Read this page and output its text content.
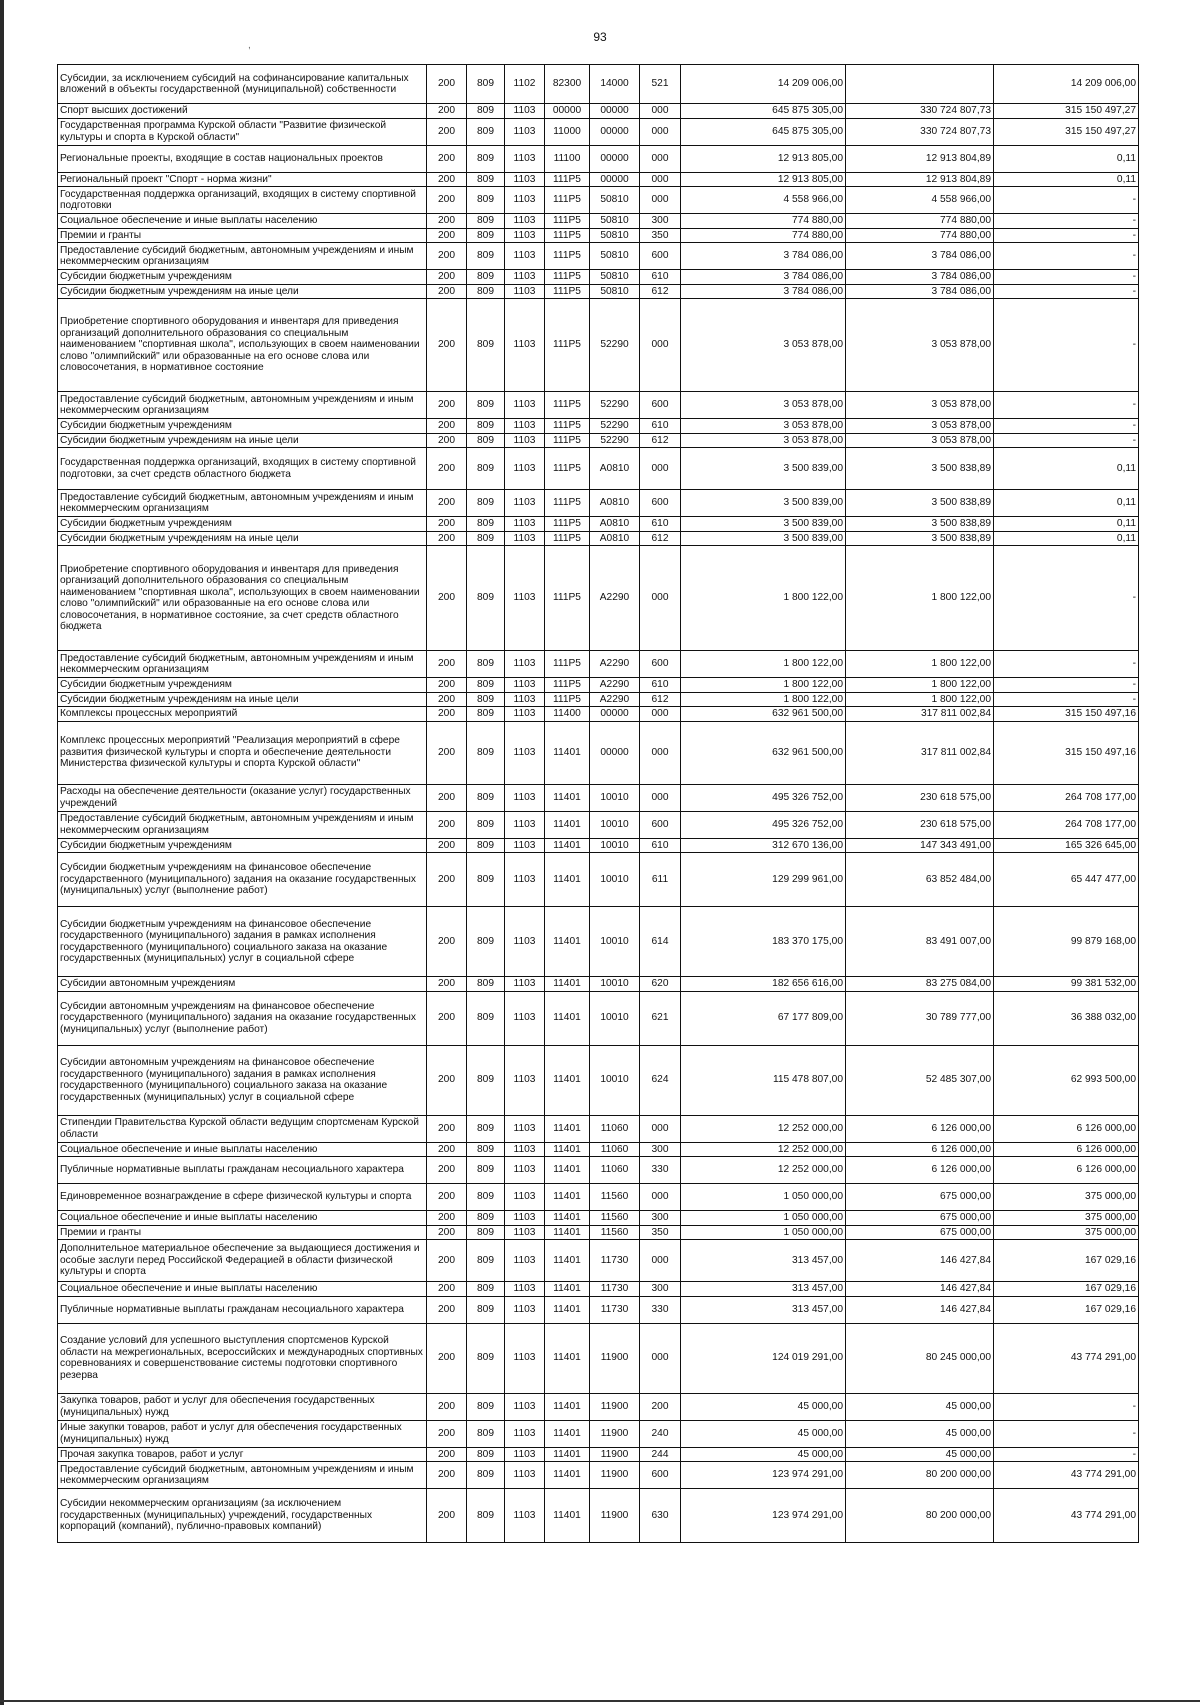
93
,
Субсидии, за исключением субсидий на софинансирование капитальных вложений в объекты государственной (муниципальной) собственности	200	809	1102	82300	14000	521	14 209 006,00		14 209 006,00
Спорт высших достижений	200	809	1103	00000	00000	000	645 875 305,00	330 724 807,73	315 150 497,27
Государственная программа Курской области "Развитие физической культуры и спорта в Курской области"	200	809	1103	11000	00000	000	645 875 305,00	330 724 807,73	315 150 497,27
Региональные проекты, входящие в состав национальных проектов	200	809	1103	11100	00000	000	12 913 805,00	12 913 804,89	0,11
Региональный проект "Спорт - норма жизни"	200	809	1103	111P5	00000	000	12 913 805,00	12 913 804,89	0,11
Государственная поддержка организаций, входящих в систему спортивной подготовки	200	809	1103	111P5	50810	000	4 558 966,00	4 558 966,00	-
Социальное обеспечение и иные выплаты населению	200	809	1103	111P5	50810	300	774 880,00	774 880,00	-
Премии и гранты	200	809	1103	111P5	50810	350	774 880,00	774 880,00	-
Предоставление субсидий бюджетным, автономным учреждениям и иным некоммерческим организациям	200	809	1103	111P5	50810	600	3 784 086,00	3 784 086,00	-
Субсидии бюджетным учреждениям	200	809	1103	111P5	50810	610	3 784 086,00	3 784 086,00	-
Субсидии бюджетным учреждениям на иные цели	200	809	1103	111P5	50810	612	3 784 086,00	3 784 086,00	-
Приобретение спортивного оборудования и инвентаря для приведения организаций дополнительного образования со специальным наименованием "спортивная школа", использующих в своем наименовании слово "олимпийский" или образованные на его основе слова или словосочетания, в нормативное состояние	200	809	1103	111P5	52290	000	3 053 878,00	3 053 878,00	-
Предоставление субсидий бюджетным, автономным учреждениям и иным некоммерческим организациям	200	809	1103	111P5	52290	600	3 053 878,00	3 053 878,00	-
Субсидии бюджетным учреждениям	200	809	1103	111P5	52290	610	3 053 878,00	3 053 878,00	-
Субсидии бюджетным учреждениям на иные цели	200	809	1103	111P5	52290	612	3 053 878,00	3 053 878,00	-
Государственная поддержка организаций, входящих в систему спортивной подготовки, за счет средств областного бюджета	200	809	1103	111P5	А0810	000	3 500 839,00	3 500 838,89	0,11
Предоставление субсидий бюджетным, автономным учреждениям и иным некоммерческим организациям	200	809	1103	111P5	А0810	600	3 500 839,00	3 500 838,89	0,11
Субсидии бюджетным учреждениям	200	809	1103	111P5	А0810	610	3 500 839,00	3 500 838,89	0,11
Субсидии бюджетным учреждениям на иные цели	200	809	1103	111P5	А0810	612	3 500 839,00	3 500 838,89	0,11
Приобретение спортивного оборудования и инвентаря для приведения организаций дополнительного образования со специальным наименованием "спортивная школа", использующих в своем наименовании слово "олимпийский" или образованные на его основе слова или словосочетания, в нормативное состояние, за счет средств областного бюджета	200	809	1103	111P5	А2290	000	1 800 122,00	1 800 122,00	-
Предоставление субсидий бюджетным, автономным учреждениям и иным некоммерческим организациям	200	809	1103	111P5	А2290	600	1 800 122,00	1 800 122,00	-
Субсидии бюджетным учреждениям	200	809	1103	111P5	А2290	610	1 800 122,00	1 800 122,00	-
Субсидии бюджетным учреждениям на иные цели	200	809	1103	111P5	А2290	612	1 800 122,00	1 800 122,00	-
Комплексы процессных мероприятий	200	809	1103	11400	00000	000	632 961 500,00	317 811 002,84	315 150 497,16
Комплекс процессных мероприятий "Реализация мероприятий в сфере развития физической культуры и спорта и обеспечение деятельности Министерства физической культуры и спорта Курской области"	200	809	1103	11401	00000	000	632 961 500,00	317 811 002,84	315 150 497,16
Расходы на обеспечение деятельности (оказание услуг) государственных учреждений	200	809	1103	11401	10010	000	495 326 752,00	230 618 575,00	264 708 177,00
Предоставление субсидий бюджетным, автономным учреждениям и иным некоммерческим организациям	200	809	1103	11401	10010	600	495 326 752,00	230 618 575,00	264 708 177,00
Субсидии бюджетным учреждениям	200	809	1103	11401	10010	610	312 670 136,00	147 343 491,00	165 326 645,00
Субсидии бюджетным учреждениям на финансовое обеспечение государственного (муниципального) задания на оказание государственных (муниципальных) услуг (выполнение работ)	200	809	1103	11401	10010	611	129 299 961,00	63 852 484,00	65 447 477,00
Субсидии бюджетным учреждениям на финансовое обеспечение государственного (муниципального) задания в рамках исполнения государственного (муниципального) социального заказа на оказание государственных (муниципальных) услуг в социальной сфере	200	809	1103	11401	10010	614	183 370 175,00	83 491 007,00	99 879 168,00
Субсидии автономным учреждениям	200	809	1103	11401	10010	620	182 656 616,00	83 275 084,00	99 381 532,00
Субсидии автономным учреждениям на финансовое обеспечение государственного (муниципального) задания на оказание государственных (муниципальных) услуг (выполнение работ)	200	809	1103	11401	10010	621	67 177 809,00	30 789 777,00	36 388 032,00
Субсидии автономным учреждениям на финансовое обеспечение государственного (муниципального) задания в рамках исполнения государственного (муниципального) социального заказа на оказание государственных (муниципальных) услуг в социальной сфере	200	809	1103	11401	10010	624	115 478 807,00	52 485 307,00	62 993 500,00
Стипендии Правительства Курской области ведущим спортсменам Курской области	200	809	1103	11401	11060	000	12 252 000,00	6 126 000,00	6 126 000,00
Социальное обеспечение и иные выплаты населению	200	809	1103	11401	11060	300	12 252 000,00	6 126 000,00	6 126 000,00
Публичные нормативные выплаты гражданам несоциального характера	200	809	1103	11401	11060	330	12 252 000,00	6 126 000,00	6 126 000,00
Единовременное вознаграждение в сфере физической культуры и спорта	200	809	1103	11401	11560	000	1 050 000,00	675 000,00	375 000,00
Социальное обеспечение и иные выплаты населению	200	809	1103	11401	11560	300	1 050 000,00	675 000,00	375 000,00
Премии и гранты	200	809	1103	11401	11560	350	1 050 000,00	675 000,00	375 000,00
Дополнительное материальное обеспечение за выдающиеся достижения и особые заслуги перед Российской Федерацией в области физической культуры и спорта	200	809	1103	11401	11730	000	313 457,00	146 427,84	167 029,16
Социальное обеспечение и иные выплаты населению	200	809	1103	11401	11730	300	313 457,00	146 427,84	167 029,16
Публичные нормативные выплаты гражданам несоциального характера	200	809	1103	11401	11730	330	313 457,00	146 427,84	167 029,16
Создание условий для успешного выступления спортсменов Курской области на межрегиональных, всероссийских и международных спортивных соревнованиях и совершенствование системы подготовки спортивного резерва	200	809	1103	11401	11900	000	124 019 291,00	80 245 000,00	43 774 291,00
Закупка товаров, работ и услуг для обеспечения государственных (муниципальных) нужд	200	809	1103	11401	11900	200	45 000,00	45 000,00	-
Иные закупки товаров, работ и услуг для обеспечения государственных (муниципальных) нужд	200	809	1103	11401	11900	240	45 000,00	45 000,00	-
Прочая закупка товаров, работ и услуг	200	809	1103	11401	11900	244	45 000,00	45 000,00	-
Предоставление субсидий бюджетным, автономным учреждениям и иным некоммерческим организациям	200	809	1103	11401	11900	600	123 974 291,00	80 200 000,00	43 774 291,00
Субсидии некоммерческим организациям (за исключением государственных (муниципальных) учреждений, государственных корпораций (компаний), публично-правовых компаний)	200	809	1103	11401	11900	630	123 974 291,00	80 200 000,00	43 774 291,00
